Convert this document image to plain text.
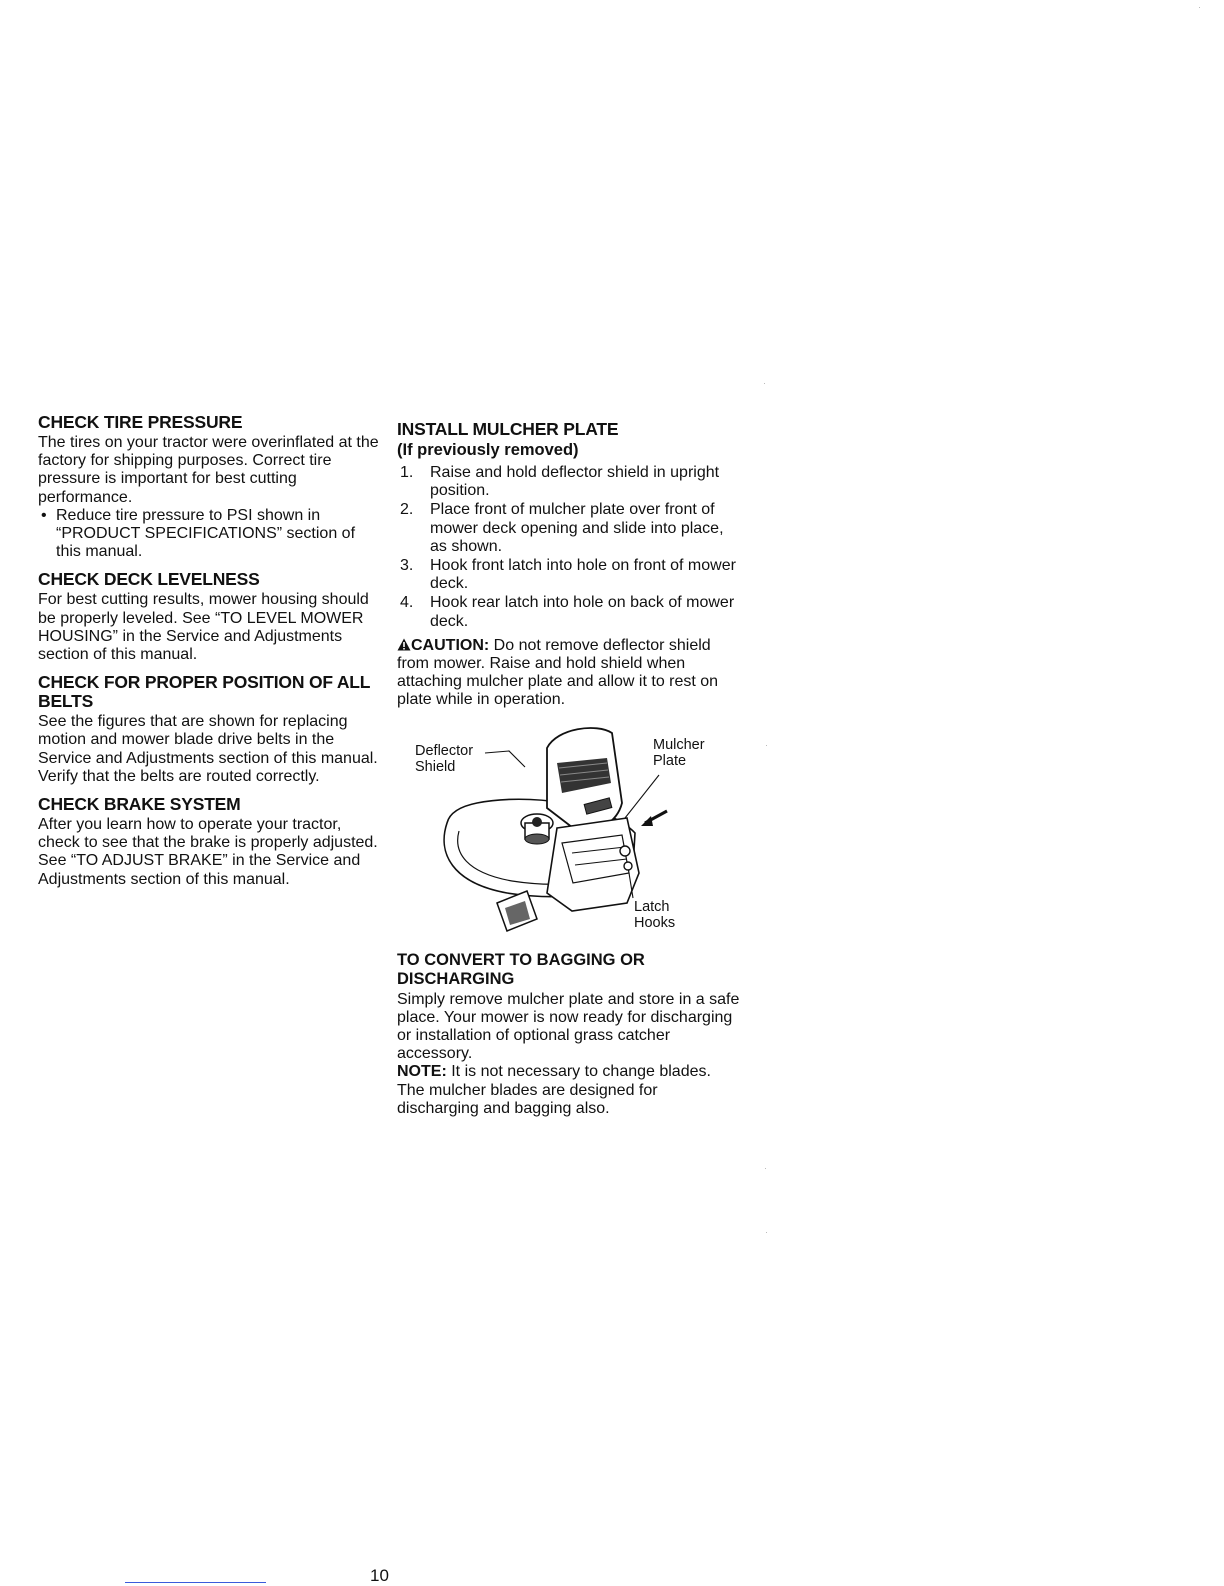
CHECK TIRE PRESSURE

The tires on your tractor were overinflated at the factory for shipping purposes. Correct tire pressure is important for best cutting performance.

• Reduce tire pressure to PSI shown in “PRODUCT SPECIFICATIONS” section of this manual.
CHECK DECK LEVELNESS

For best cutting results, mower housing should be properly leveled. See “TO LEVEL MOWER HOUSING” in the Service and Adjustments section of this manual.

CHECK FOR PROPER POSITION OF ALL BELTS

See the figures that are shown for replacing motion and mower blade drive belts in the Service and Adjustments section of this manual. Verify that the belts are routed correctly.

CHECK BRAKE SYSTEM

After you learn how to operate your tractor, check to see that the brake is properly adjusted. See “TO ADJUST BRAKE” in the Service and Adjustments section of this manual.

INSTALL MULCHER PLATE
(If previously removed)
1. Raise and hold deflector shield in upright position.
2. Place front of mulcher plate over front of mower deck opening and slide into place, as shown.
3. Hook front latch into hole on front of mower deck.
4. Hook rear latch into hole on back of mower deck.
CAUTION: Do not remove deflector shield from mower. Raise and hold shield when attaching mulcher plate and allow it to rest on plate while in operation.
Deflector
Shield
Mulcher
Plate
Latch
Hooks
TO CONVERT TO BAGGING OR
DISCHARGING

Simply remove mulcher plate and store in a safe place. Your mower is now ready for discharging or installation of optional grass catcher accessory.

NOTE: It is not necessary to change blades. The mulcher blades are designed for discharging and bagging also.

10
